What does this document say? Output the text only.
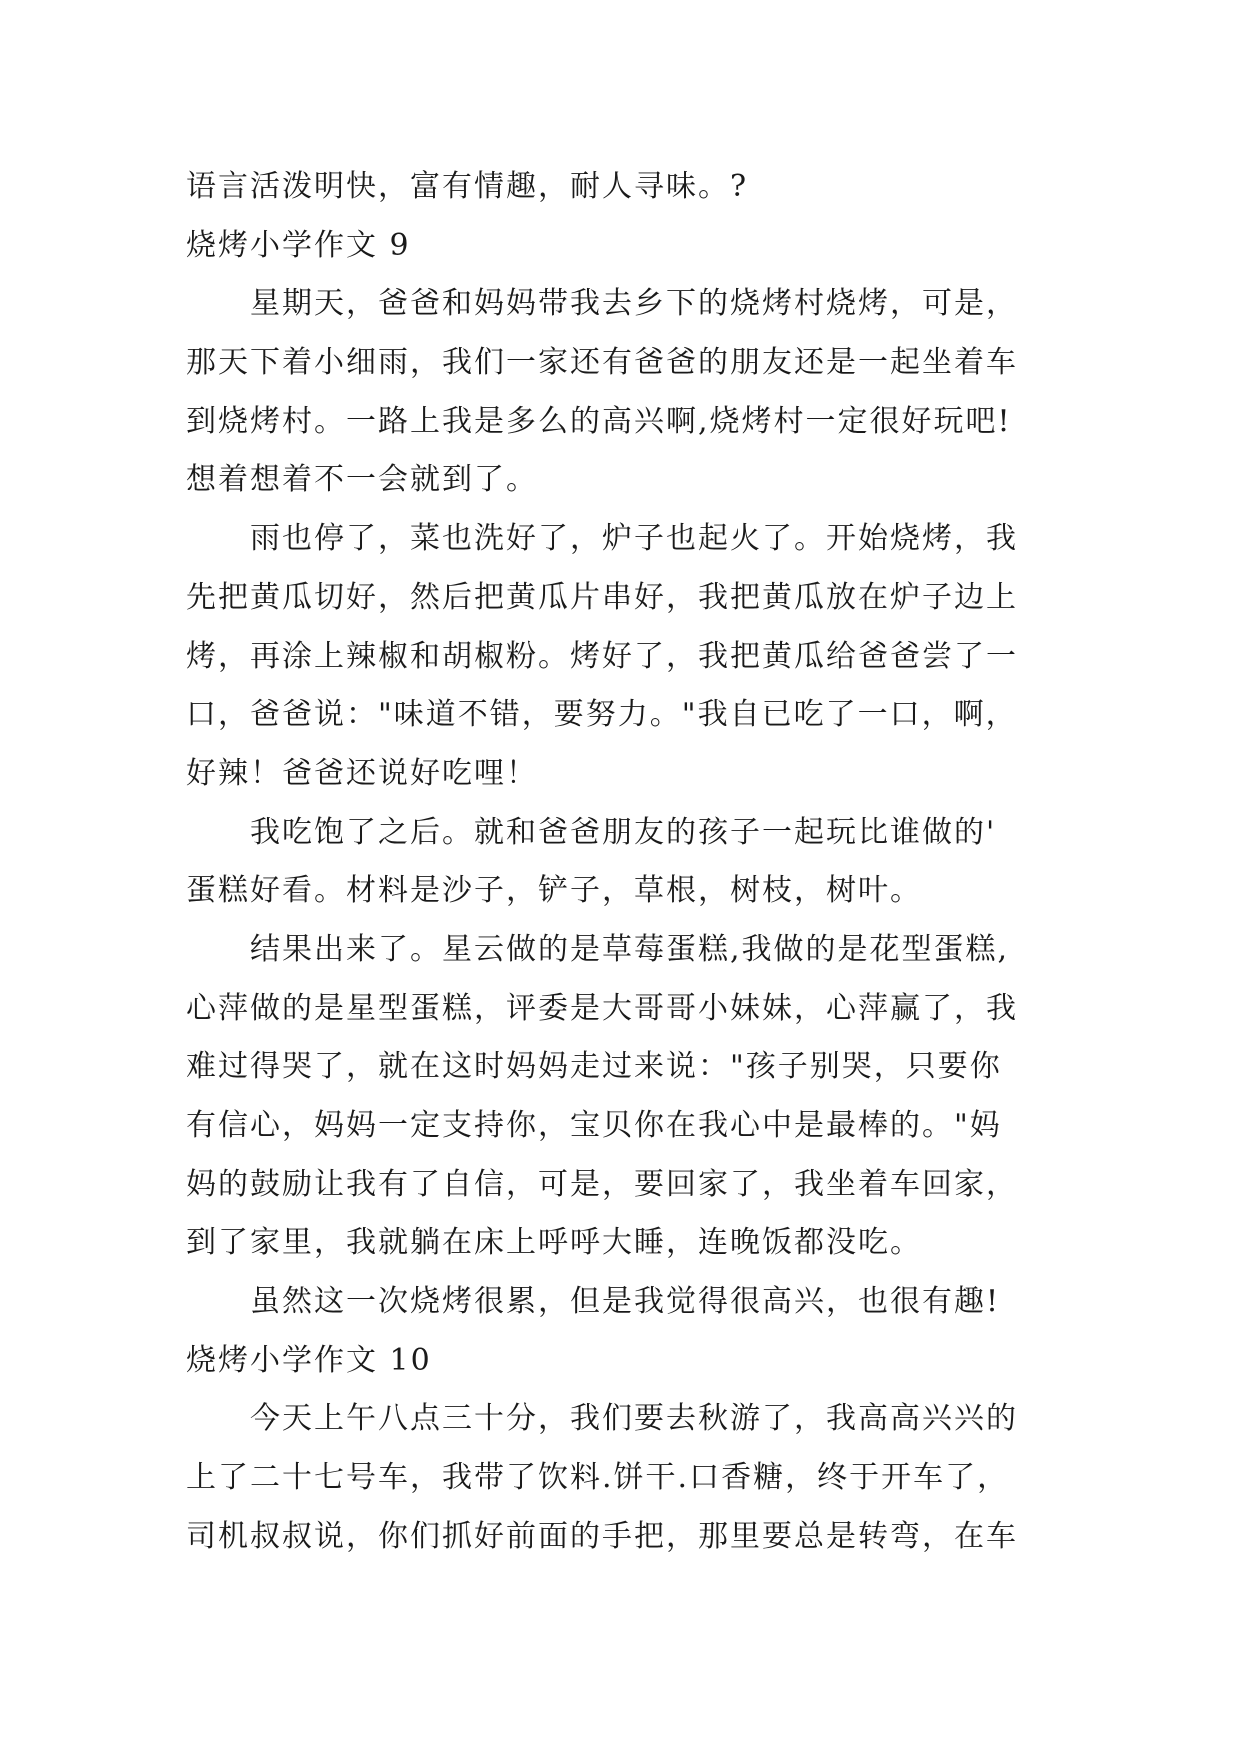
语言活泼明快，富有情趣，耐人寻味。?
烧烤小学作文 9
星期天，爸爸和妈妈带我去乡下的烧烤村烧烤，可是，
那天下着小细雨，我们一家还有爸爸的朋友还是一起坐着车
到烧烤村。一路上我是多么的高兴啊,烧烤村一定很好玩吧!
想着想着不一会就到了。
雨也停了，菜也洗好了，炉子也起火了。开始烧烤，我
先把黄瓜切好，然后把黄瓜片串好，我把黄瓜放在炉子边上
烤，再涂上辣椒和胡椒粉。烤好了，我把黄瓜给爸爸尝了一
口，爸爸说："味道不错，要努力。"我自已吃了一口，啊，
好辣！爸爸还说好吃哩！
我吃饱了之后。就和爸爸朋友的孩子一起玩比谁做的'
蛋糕好看。材料是沙子，铲子，草根，树枝，树叶。
结果出来了。星云做的是草莓蛋糕,我做的是花型蛋糕,
心萍做的是星型蛋糕，评委是大哥哥小妹妹，心萍赢了，我
难过得哭了，就在这时妈妈走过来说："孩子别哭，只要你
有信心，妈妈一定支持你，宝贝你在我心中是最棒的。"妈
妈的鼓励让我有了自信，可是，要回家了，我坐着车回家，
到了家里，我就躺在床上呼呼大睡，连晚饭都没吃。
虽然这一次烧烤很累，但是我觉得很高兴，也很有趣!
烧烤小学作文 10
今天上午八点三十分，我们要去秋游了，我高高兴兴的
上了二十七号车，我带了饮料.饼干.口香糖，终于开车了，
司机叔叔说，你们抓好前面的手把，那里要总是转弯，在车
